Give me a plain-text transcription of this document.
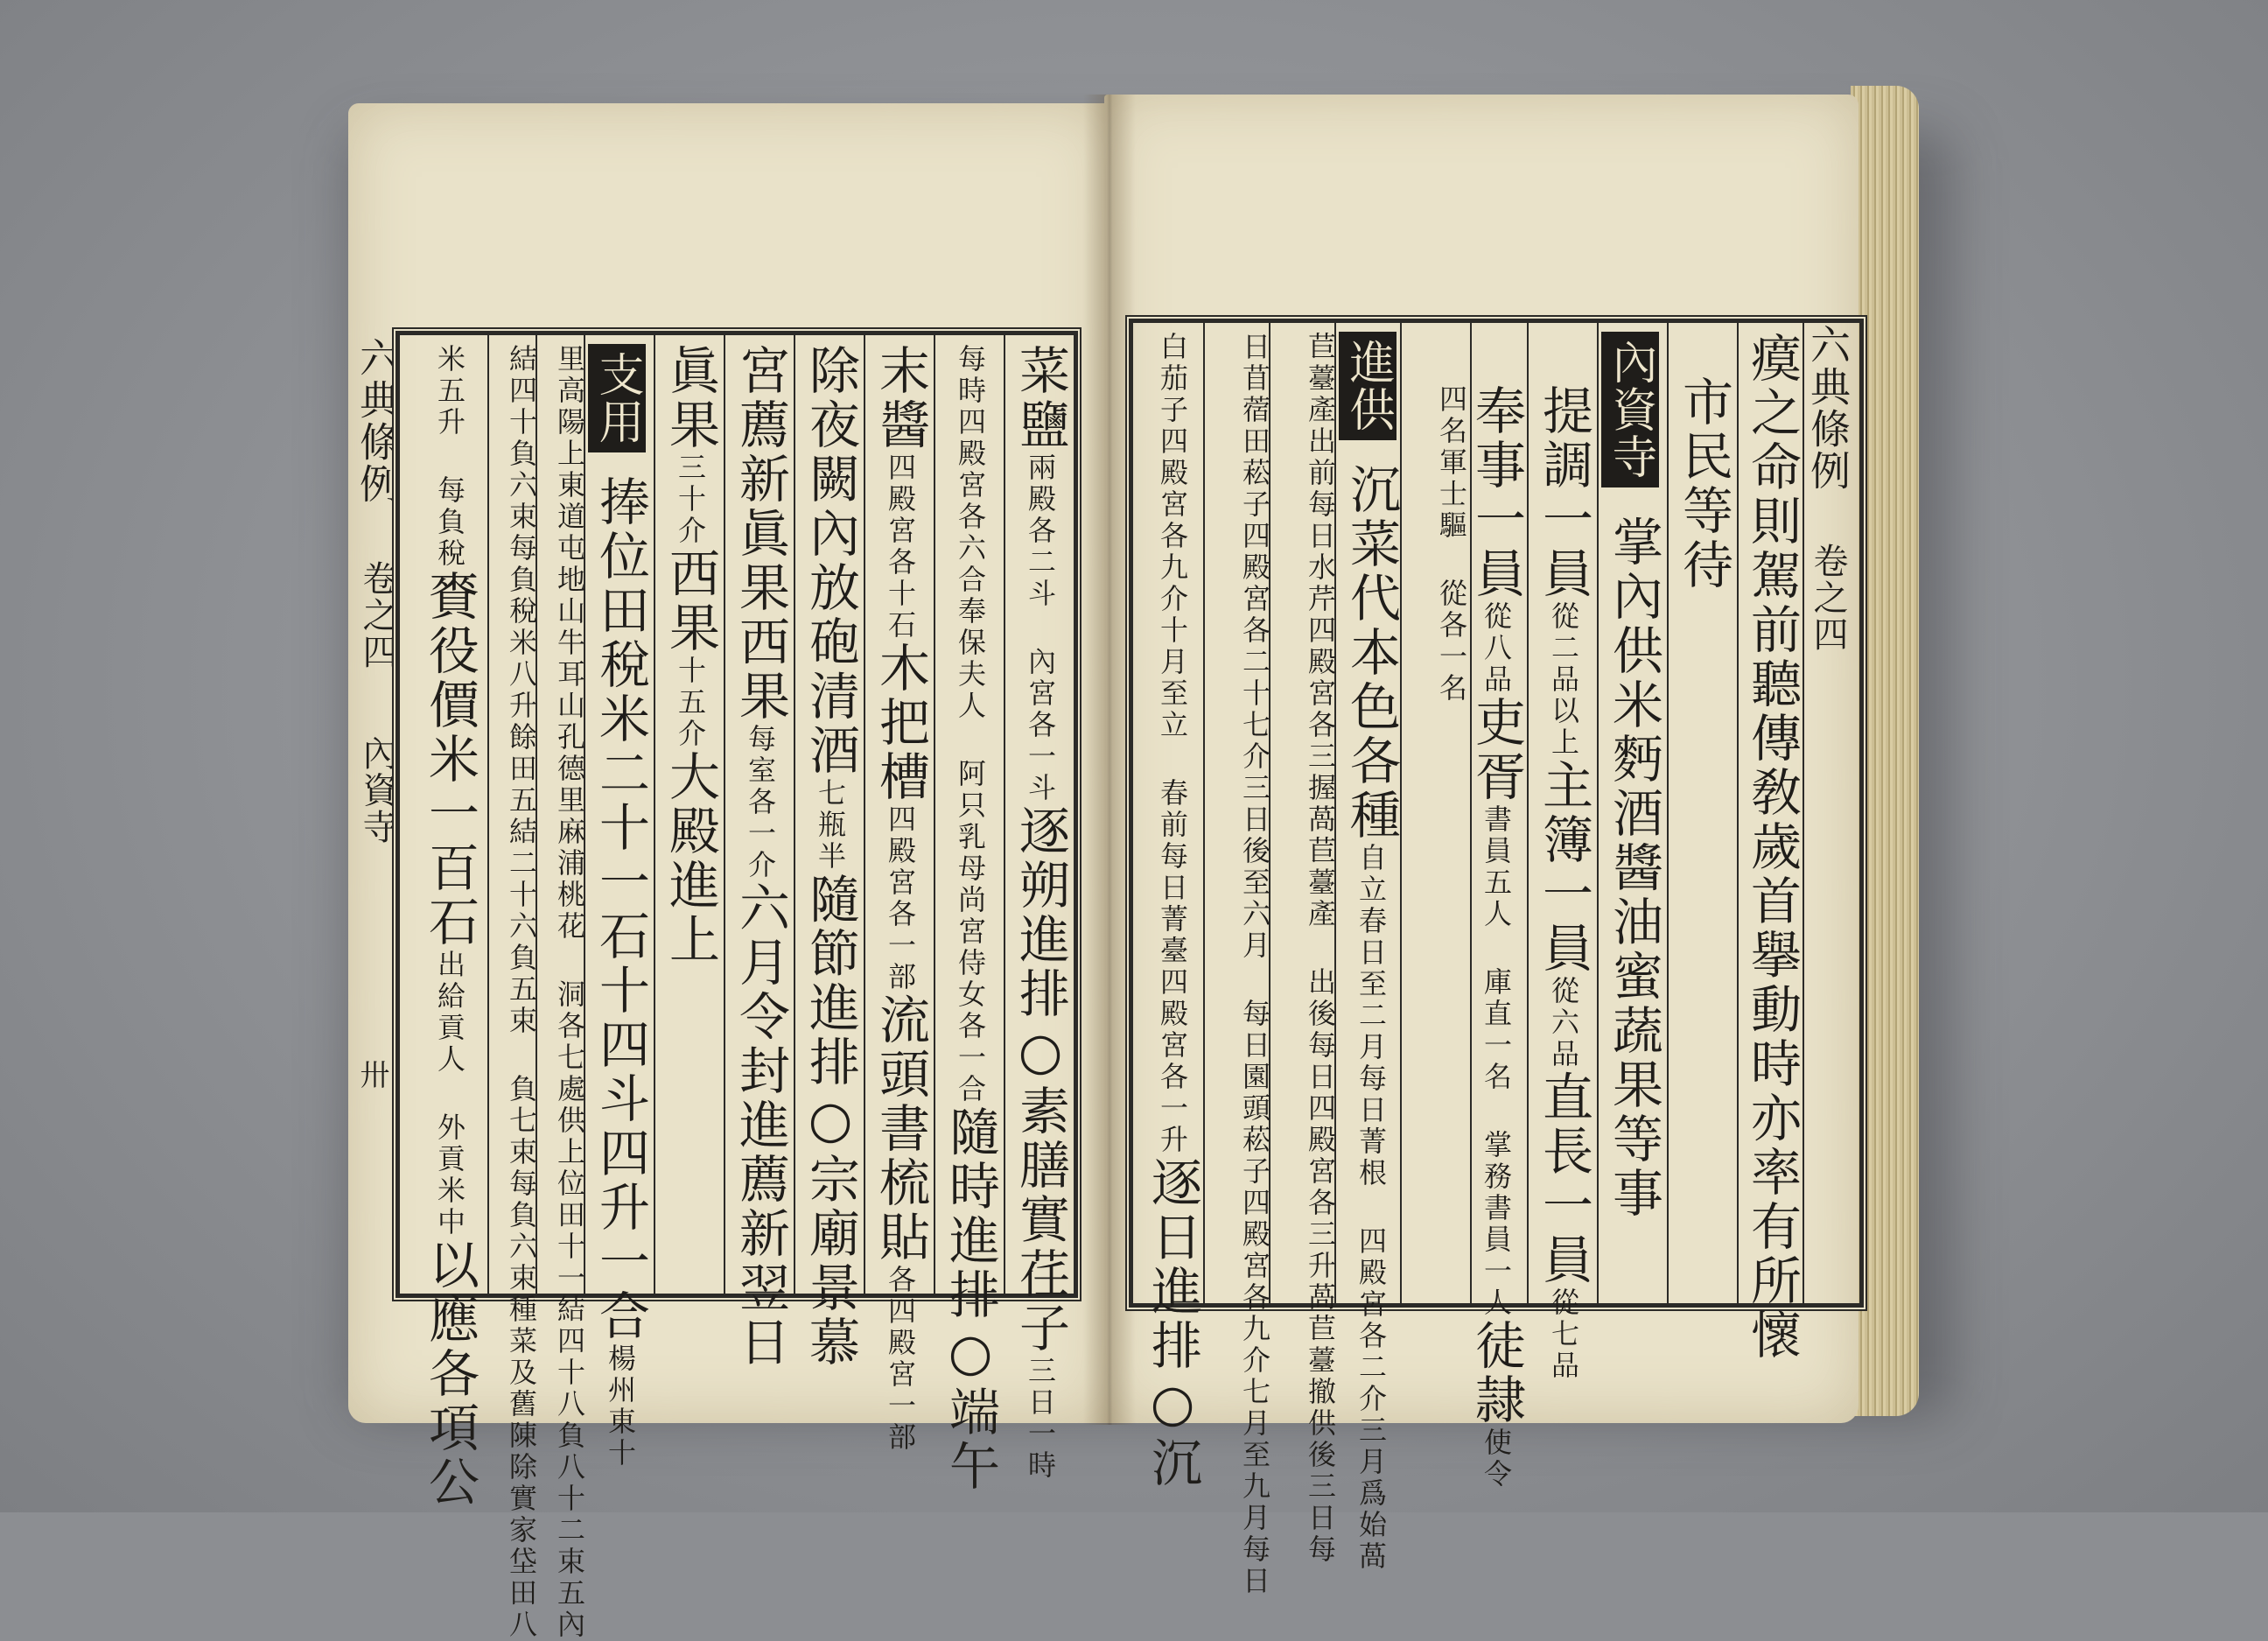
六典條例
卷之四
內資寺
卅
菜鹽兩殿各二斗 內宮各一斗逐朔進排○素膳實荏子三日一時
每時四殿宮各六合奉保夫人 阿只乳母尚宮侍女各一合隨時進排○端午
末醬四殿宮各十石木把槽四殿宮各一部流頭書梳貼各四殿宮一部
除夜闕內放砲清酒七瓶半隨節進排○宗廟景慕
宮薦新眞果西果每室各一介六月令封進薦新翌日
眞果三十介西果十五介大殿進上
支用
捧位田稅米二十一石十四斗四升一合楊州東十
里高陽上東道屯地山牛耳山孔德里麻浦桃花 洞各七處供上位田十一結四十八負八十二束五內
結四十負六束每負稅米八升餘田五結二十六負五束 負七束每負六束種菜及舊陳除實家垈田八
米五升 每負稅賚役價米一百石出給貢人 外貢米中以應各項公
六典條例
卷之四
瘼之命則駕前聽傳敎歲首擧動時亦率有所懷
市民等待
內資寺
掌內供米麪酒醬油蜜蔬果等事
提調一員從二品以上主簿一員從六品直長一員從七品
奉事一員從八品吏胥書員五人 庫直一名 掌務書員一人徒隷使令
四名軍士驅 從各一名
進供
沉菜代本色各種自立春日至二月每日菁根 四殿宮各二介三月爲始萵
苣薹產出前每日水芹四殿宮各三握萵苣薹產 出後每日四殿宮各三升萵苣薹撤供後三日每
日苜蓿田菘子四殿宮各二十七介三日後至六月 每日園頭菘子四殿宮各九介七月至九月每日
白茄子四殿宮各九介十月至立 春前每日菁臺四殿宮各一升逐日進排○沉
